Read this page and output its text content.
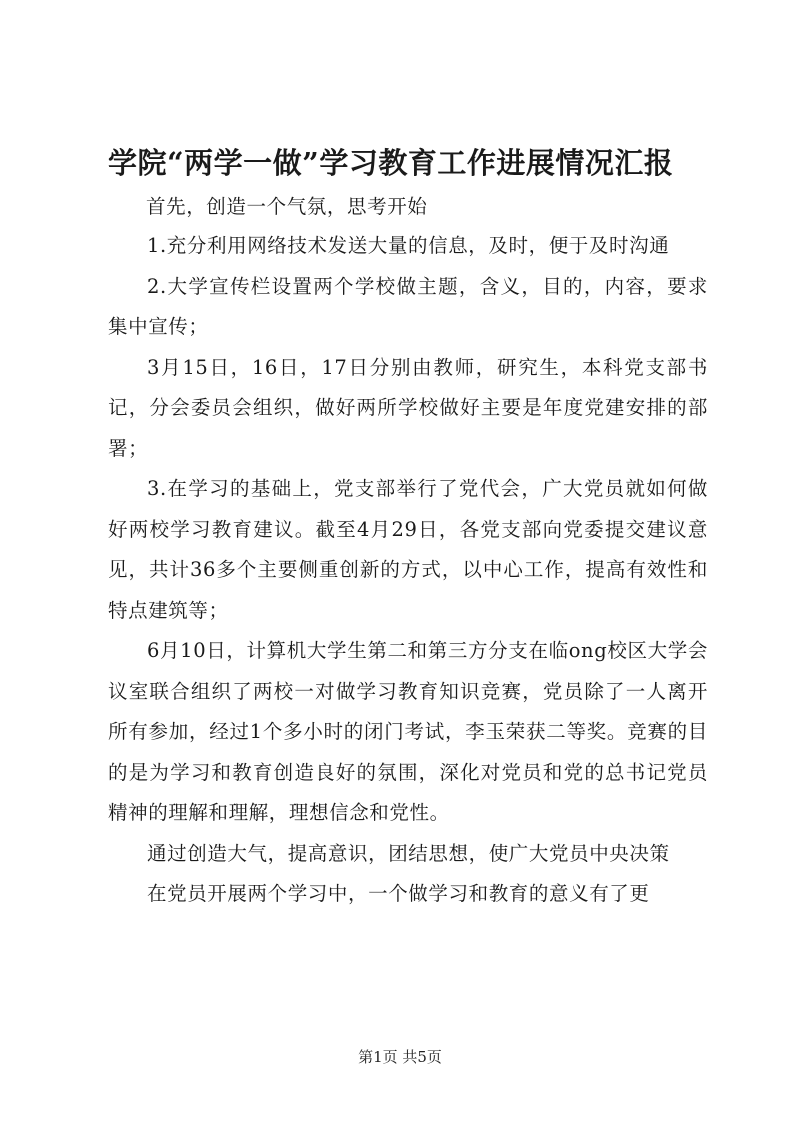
学院“两学一做”学习教育工作进展情况汇报

首先，创造一个气氛，思考开始

1.充分利用网络技术发送大量的信息，及时，便于及时沟通

2.大学宣传栏设置两个学校做主题，含义，目的，内容，要求集中宣传；

3月15日，16日，17日分别由教师，研究生，本科党支部书记，分会委员会组织，做好两所学校做好主要是年度党建安排的部署；

3.在学习的基础上，党支部举行了党代会，广大党员就如何做好两校学习教育建议。截至4月29日，各党支部向党委提交建议意见，共计36多个主要侧重创新的方式，以中心工作，提高有效性和特点建筑等；

6月10日，计算机大学生第二和第三方分支在临ong校区大学会议室联合组织了两校一对做学习教育知识竞赛，党员除了一人离开所有参加，经过1个多小时的闭门考试，李玉荣获二等奖。竞赛的目的是为学习和教育创造良好的氛围，深化对党员和党的总书记党员精神的理解和理解，理想信念和党性。

通过创造大气，提高意识，团结思想，使广大党员中央决策

在党员开展两个学习中，一个做学习和教育的意义有了更

第1页 共5页
